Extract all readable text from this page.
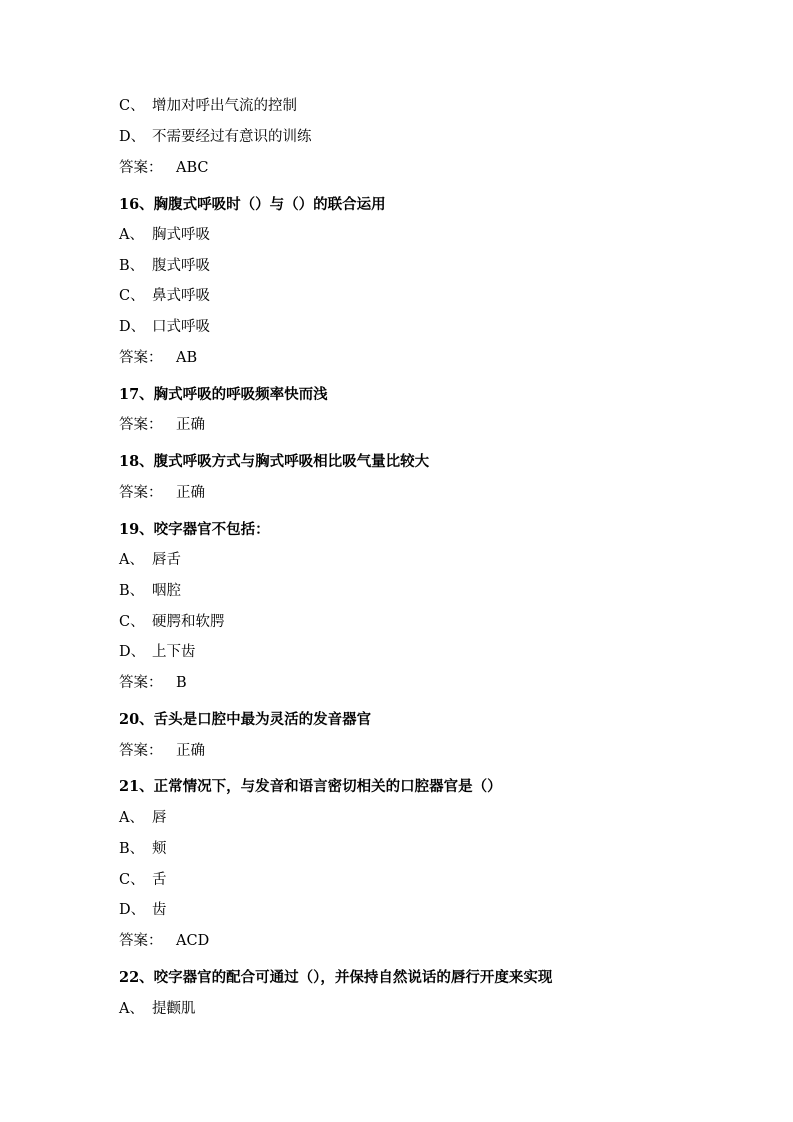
C、 增加对呼出气流的控制
D、 不需要经过有意识的训练
答案： ABC
16、胸腹式呼吸时（）与（）的联合运用
A、 胸式呼吸
B、 腹式呼吸
C、 鼻式呼吸
D、 口式呼吸
答案： AB
17、胸式呼吸的呼吸频率快而浅
答案： 正确
18、腹式呼吸方式与胸式呼吸相比吸气量比较大
答案： 正确
19、咬字器官不包括：
A、 唇舌
B、 咽腔
C、 硬腭和软腭
D、 上下齿
答案： B
20、舌头是口腔中最为灵活的发音器官
答案： 正确
21、正常情况下，与发音和语言密切相关的口腔器官是（）
A、 唇
B、 颊
C、 舌
D、 齿
答案： ACD
22、咬字器官的配合可通过（），并保持自然说话的唇行开度来实现
A、 提颧肌
